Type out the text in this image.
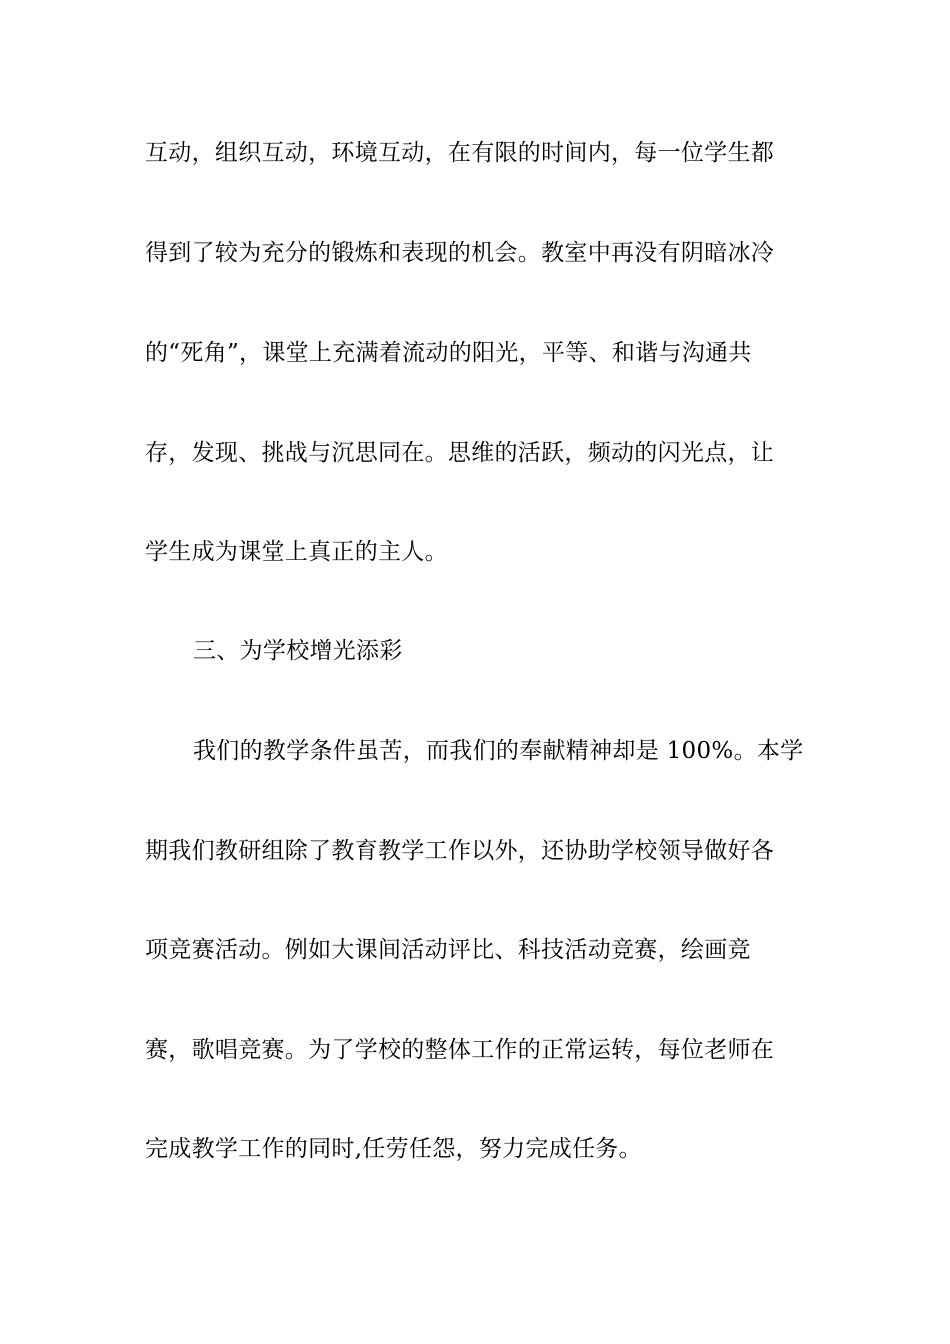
互动，组织互动，环境互动，在有限的时间内，每一位学生都
得到了较为充分的锻炼和表现的机会。教室中再没有阴暗冰冷
的“死角”，课堂上充满着流动的阳光，平等、和谐与沟通共
存，发现、挑战与沉思同在。思维的活跃，频动的闪光点，让
学生成为课堂上真正的主人。
三、为学校增光添彩
我们的教学条件虽苦，而我们的奉献精神却是 100%。本学
期我们教研组除了教育教学工作以外，还协助学校领导做好各
项竞赛活动。例如大课间活动评比、科技活动竞赛，绘画竞
赛，歌唱竞赛。为了学校的整体工作的正常运转，每位老师在
完成教学工作的同时,任劳任怨，努力完成任务。
